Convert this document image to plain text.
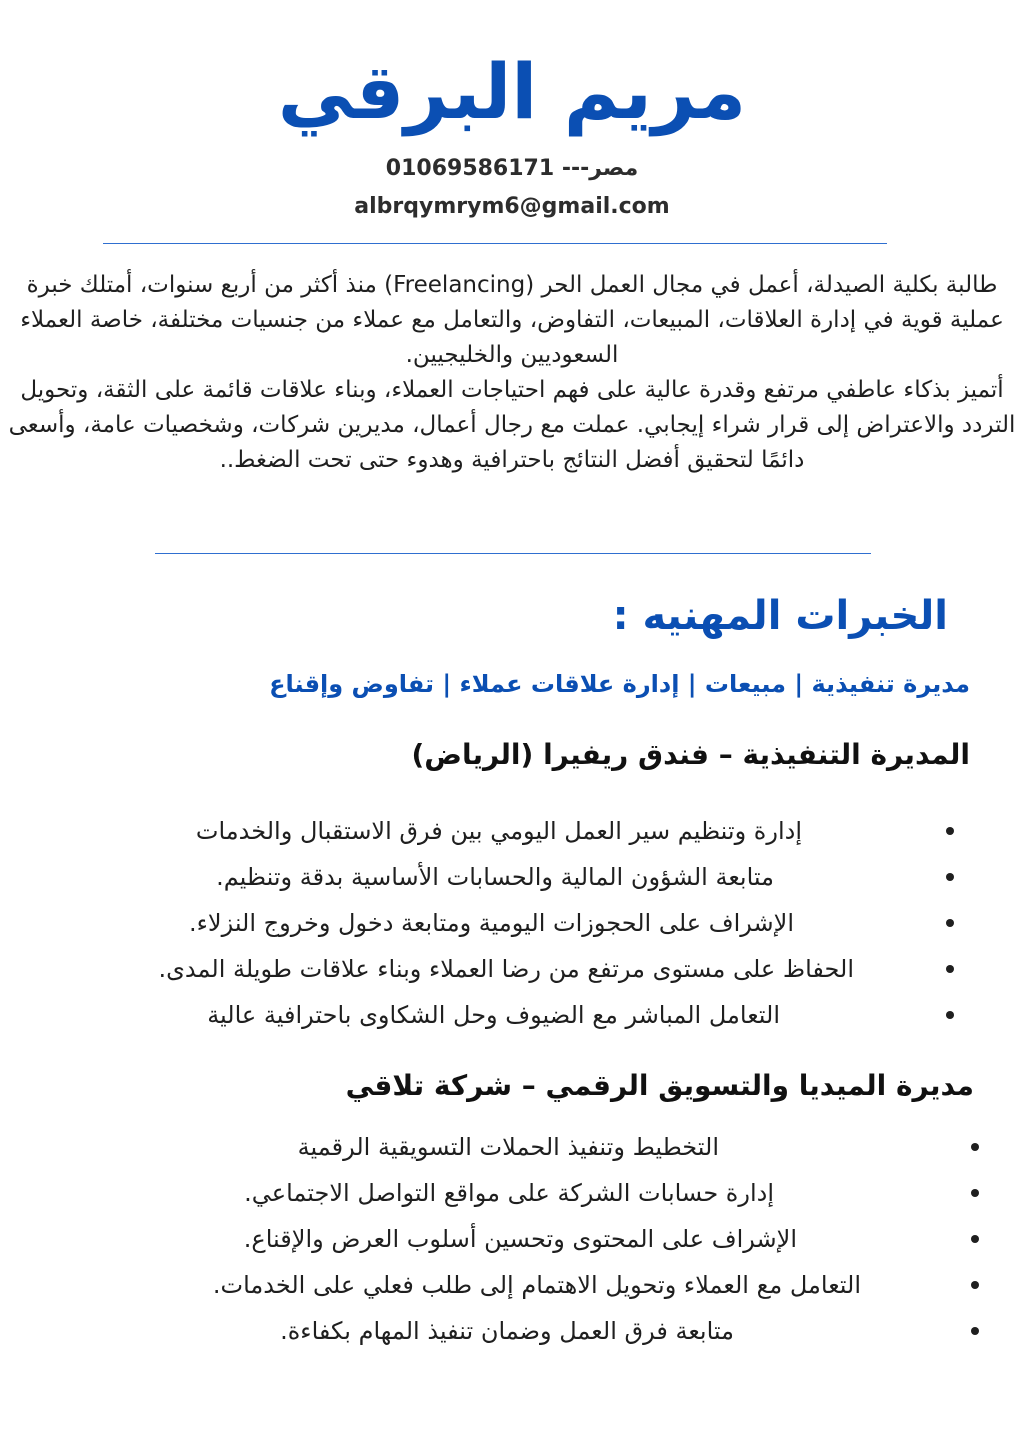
مريم البرقي
مصر--- 01069586171
albrqymrym6@gmail.com

طالبة بكلية الصيدلة، أعمل في مجال العمل الحر (Freelancing) منذ أكثر من أربع سنوات، أمتلك خبرة عملية قوية في إدارة العلاقات، المبيعات، التفاوض، والتعامل مع عملاء من جنسيات مختلفة، خاصة العملاء السعوديين والخليجيين.

أتميز بذكاء عاطفي مرتفع وقدرة عالية على فهم احتياجات العملاء، وبناء علاقات قائمة على الثقة، وتحويل التردد والاعتراض إلى قرار شراء إيجابي. عملت مع رجال أعمال، مديرين شركات، وشخصيات عامة، وأسعى دائمًا لتحقيق أفضل النتائج باحترافية وهدوء حتى تحت الضغط..

الخبرات المهنيه :
مديرة تنفيذية | مبيعات | إدارة علاقات عملاء | تفاوض وإقناع
المديرة التنفيذية – فندق ريفيرا (الرياض)
إدارة وتنظيم سير العمل اليومي بين فرق الاستقبال والخدمات
متابعة الشؤون المالية والحسابات الأساسية بدقة وتنظيم.
الإشراف على الحجوزات اليومية ومتابعة دخول وخروج النزلاء.
الحفاظ على مستوى مرتفع من رضا العملاء وبناء علاقات طويلة المدى.
التعامل المباشر مع الضيوف وحل الشكاوى باحترافية عالية
مديرة الميديا والتسويق الرقمي – شركة تلاقي
التخطيط وتنفيذ الحملات التسويقية الرقمية
إدارة حسابات الشركة على مواقع التواصل الاجتماعي.
الإشراف على المحتوى وتحسين أسلوب العرض والإقناع.
التعامل مع العملاء وتحويل الاهتمام إلى طلب فعلي على الخدمات.
متابعة فرق العمل وضمان تنفيذ المهام بكفاءة.
